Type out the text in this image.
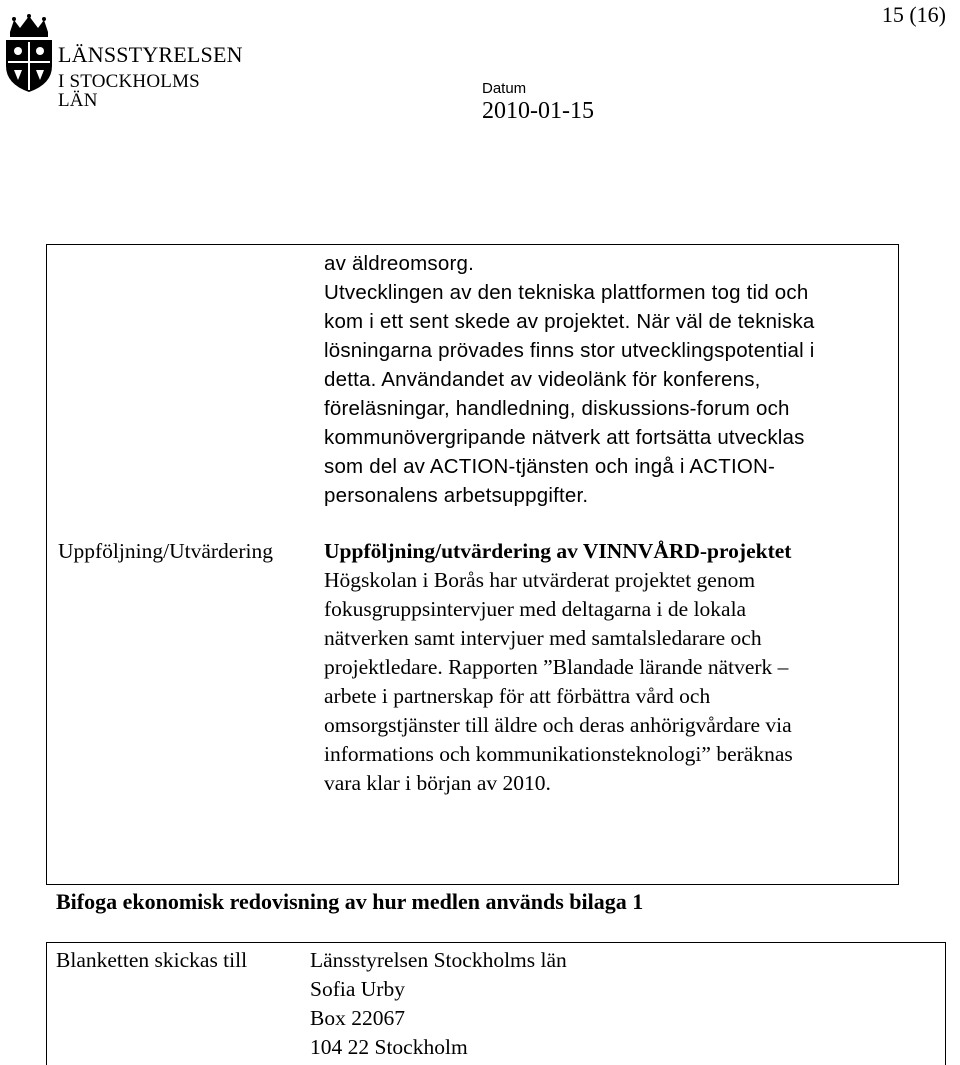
15 (16)
LÄNSSTYRELSEN
I STOCKHOLMS LÄN
Datum
2010-01-15
av äldreomsorg.
Utvecklingen av den tekniska plattformen tog tid och
kom i ett sent skede av projektet. När väl de tekniska
lösningarna prövades finns stor utvecklingspotential i
detta. Användandet av videolänk för konferens,
föreläsningar, handledning, diskussions-forum och
kommunövergripande nätverk att fortsätta utvecklas
som del av ACTION-tjänsten och ingå i ACTION-
personalens arbetsuppgifter.
Uppföljning/Utvärdering Uppföljning/utvärdering av VINNVÅRD-projektet
Högskolan i Borås har utvärderat projektet genom
fokusgruppsintervjuer med deltagarna i de lokala
nätverken samt intervjuer med samtalsledarare och
projektledare. Rapporten ”Blandade lärande nätverk –
arbete i partnerskap för att förbättra vård och
omsorgstjänster till äldre och deras anhörigvårdare via
informations och kommunikationsteknologi” beräknas
vara klar i början av 2010.
Bifoga ekonomisk redovisning av hur medlen används bilaga 1
Blanketten skickas till	Länsstyrelsen Stockholms län
Sofia Urby
Box 22067
104 22 Stockholm
